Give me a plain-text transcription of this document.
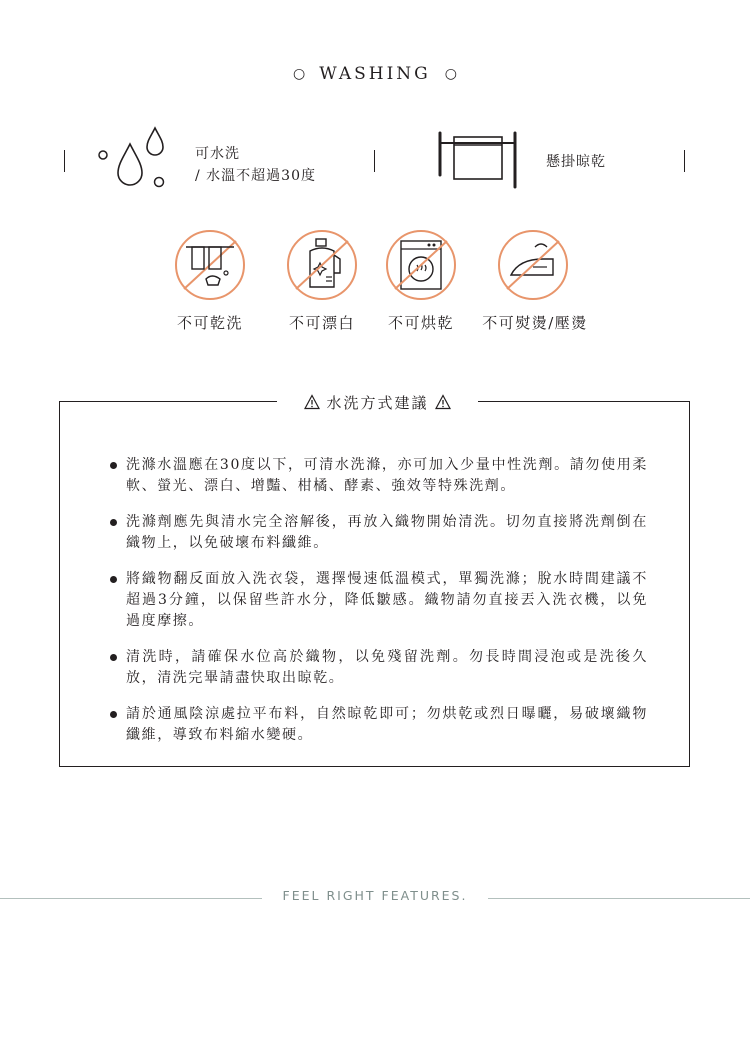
○ WASHING ○
可水洗
/ 水溫不超過30度
懸掛晾乾
不可乾洗	不可漂白	不可烘乾	不可熨燙/壓燙
水洗方式建議
洗滌水溫應在30度以下，可清水洗滌，亦可加入少量中性洗劑。請勿使用柔軟、螢光、漂白、增豔、柑橘、酵素、強效等特殊洗劑。
洗滌劑應先與清水完全溶解後，再放入織物開始清洗。切勿直接將洗劑倒在織物上，以免破壞布料纖維。
將織物翻反面放入洗衣袋，選擇慢速低溫模式，單獨洗滌；脫水時間建議不超過3分鐘，以保留些許水分，降低皺感。織物請勿直接丟入洗衣機，以免過度摩擦。
清洗時，請確保水位高於織物，以免殘留洗劑。勿長時間浸泡或是洗後久放，清洗完畢請盡快取出晾乾。
請於通風陰涼處拉平布料，自然晾乾即可；勿烘乾或烈日曝曬，易破壞織物纖維，導致布料縮水變硬。
FEEL RIGHT FEATURES.
